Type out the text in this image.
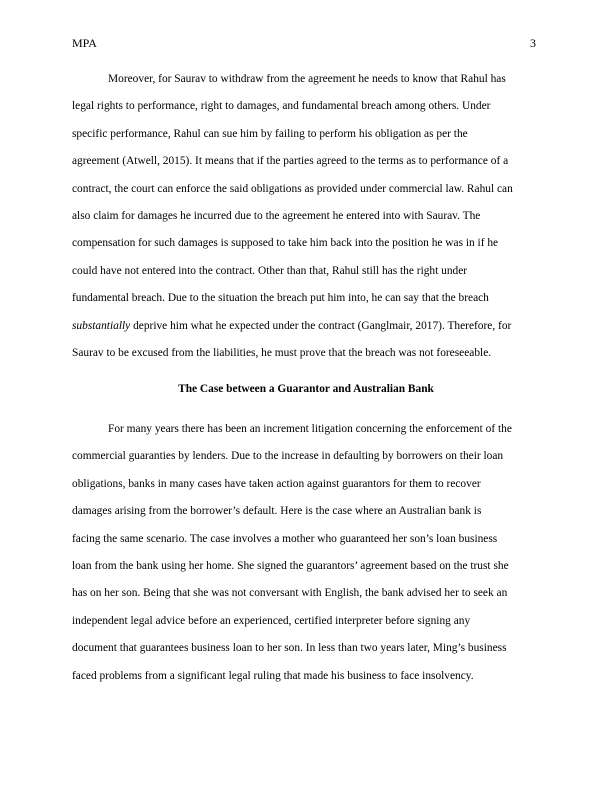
MPA	3
Moreover, for Saurav to withdraw from the agreement he needs to know that Rahul has
legal rights to performance, right to damages, and fundamental breach among others. Under
specific performance, Rahul can sue him by failing to perform his obligation as per the
agreement (Atwell, 2015). It means that if the parties agreed to the terms as to performance of a
contract, the court can enforce the said obligations as provided under commercial law. Rahul can
also claim for damages he incurred due to the agreement he entered into with Saurav. The
compensation for such damages is supposed to take him back into the position he was in if he
could have not entered into the contract. Other than that, Rahul still has the right under
fundamental breach. Due to the situation the breach put him into, he can say that the breach
substantially deprive him what he expected under the contract (Ganglmair, 2017). Therefore, for
Saurav to be excused from the liabilities, he must prove that the breach was not foreseeable.
The Case between a Guarantor and Australian Bank
For many years there has been an increment litigation concerning the enforcement of the
commercial guaranties by lenders. Due to the increase in defaulting by borrowers on their loan
obligations, banks in many cases have taken action against guarantors for them to recover
damages arising from the borrower’s default. Here is the case where an Australian bank is
facing the same scenario. The case involves a mother who guaranteed her son’s loan business
loan from the bank using her home. She signed the guarantors’ agreement based on the trust she
has on her son. Being that she was not conversant with English, the bank advised her to seek an
independent legal advice before an experienced, certified interpreter before signing any
document that guarantees business loan to her son. In less than two years later, Ming’s business
faced problems from a significant legal ruling that made his business to face insolvency.
